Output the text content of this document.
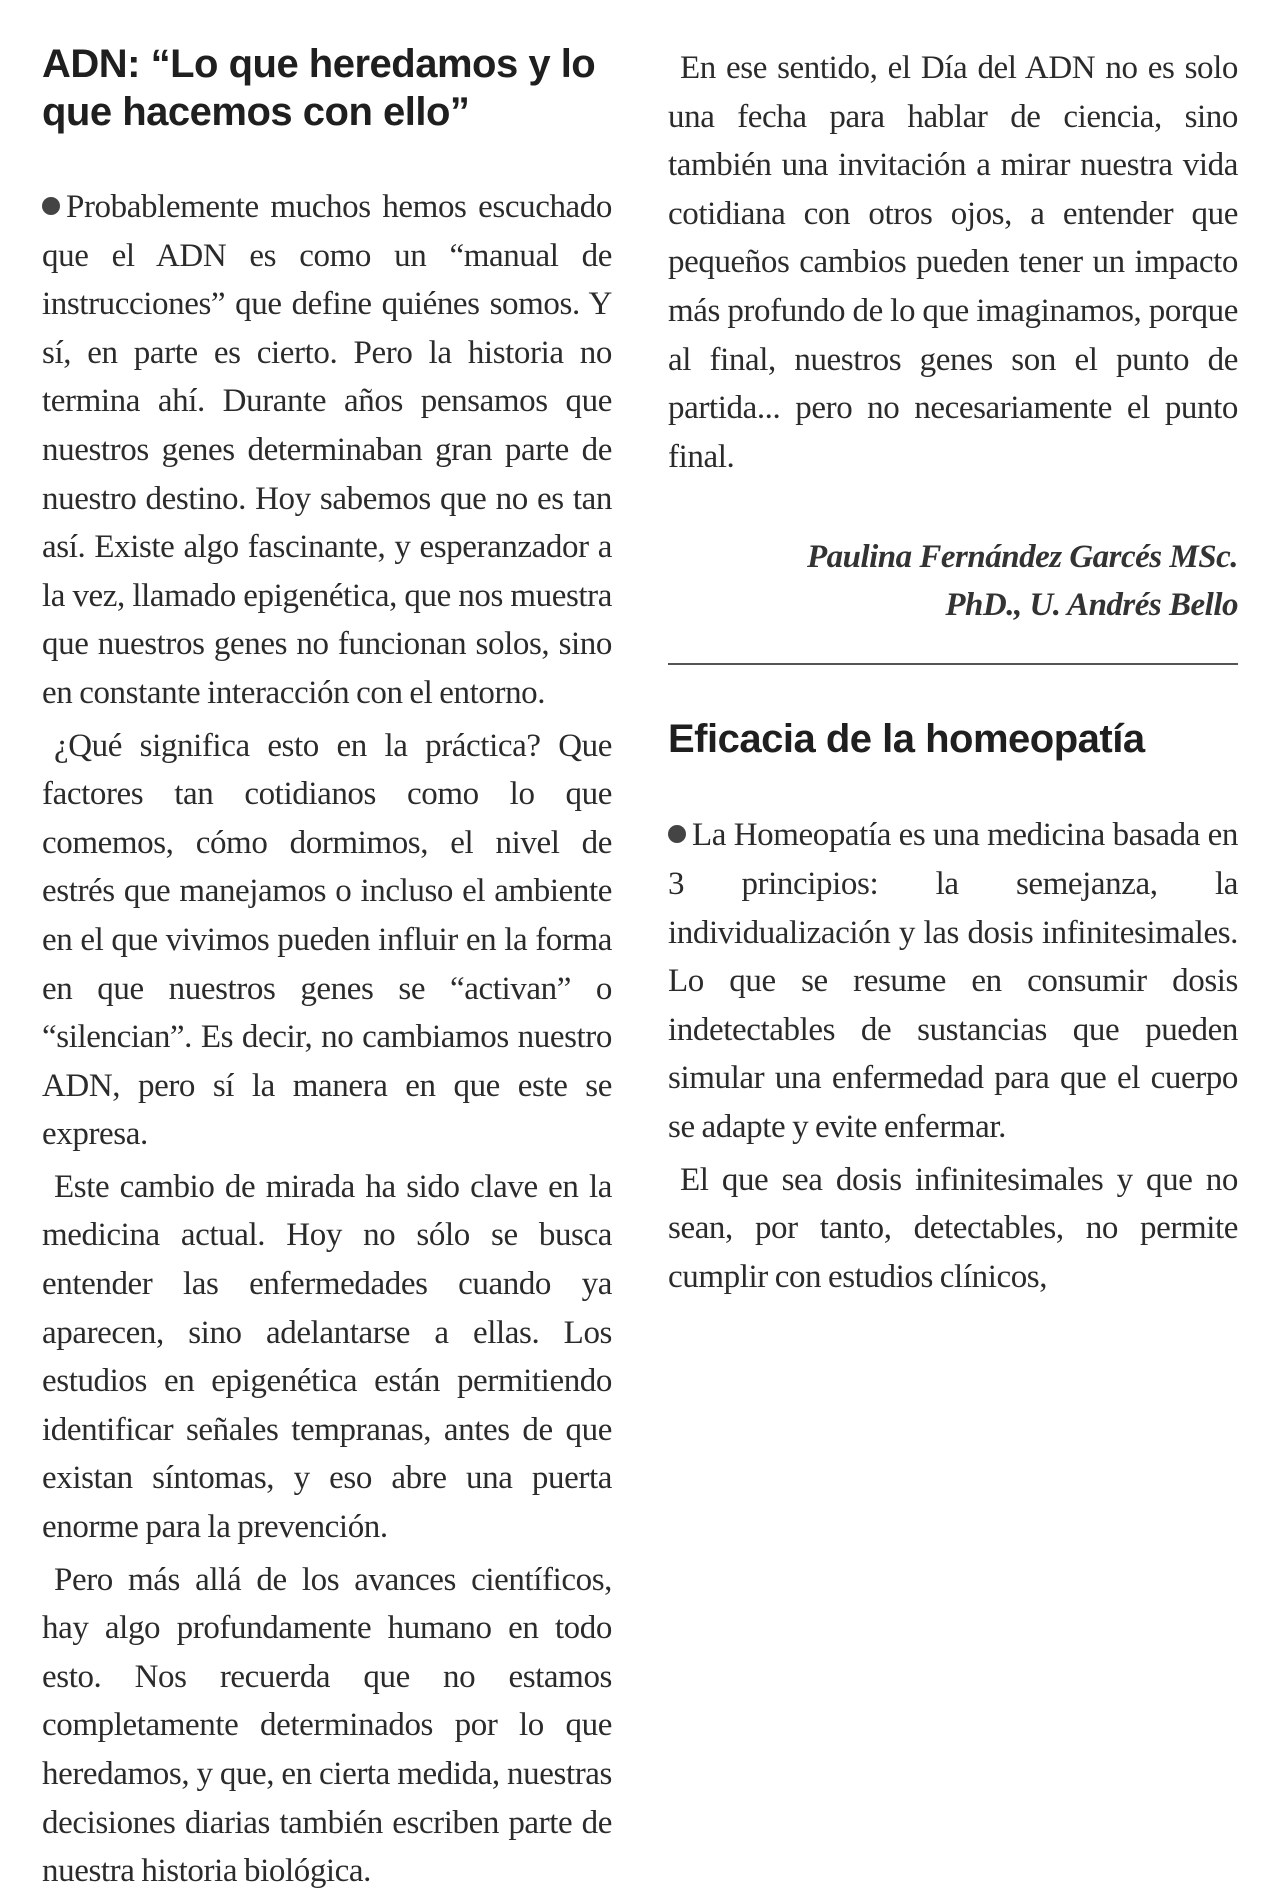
ADN: “Lo que heredamos y lo que hacemos con ello”

Probablemente muchos hemos escuchado que el ADN es como un “manual de instrucciones” que define quiénes somos. Y sí, en parte es cierto. Pero la historia no termina ahí. Durante años pensamos que nuestros genes determinaban gran parte de nuestro destino. Hoy sabemos que no es tan así. Existe algo fascinante, y esperanzador a la vez, llamado epigenética, que nos muestra que nuestros genes no funcionan solos, sino en constante interacción con el entorno.

¿Qué significa esto en la práctica? Que factores tan cotidianos como lo que comemos, cómo dormimos, el nivel de estrés que manejamos o incluso el ambiente en el que vivimos pueden influir en la forma en que nuestros genes se “activan” o “silencian”. Es decir, no cambiamos nuestro ADN, pero sí la manera en que este se expresa.

Este cambio de mirada ha sido clave en la medicina actual. Hoy no sólo se busca entender las enfermedades cuando ya aparecen, sino adelantarse a ellas. Los estudios en epigenética están permitiendo identificar señales tempranas, antes de que existan síntomas, y eso abre una puerta enorme para la prevención.

Pero más allá de los avances científicos, hay algo profundamente humano en todo esto. Nos recuerda que no estamos completamente determinados por lo que heredamos, y que, en cierta medida, nuestras decisiones diarias también escriben parte de nuestra historia biológica.

En ese sentido, el Día del ADN no es solo una fecha para hablar de ciencia, sino también una invitación a mirar nuestra vida cotidiana con otros ojos, a entender que pequeños cambios pueden tener un impacto más profundo de lo que imaginamos, porque al final, nuestros genes son el punto de partida... pero no necesariamente el punto final.

Paulina Fernández Garcés MSc.
PhD., U. Andrés Bello
Eficacia de la homeopatía

La Homeopatía es una medicina basada en 3 principios: la semejanza, la individualización y las dosis infinitesimales. Lo que se resume en consumir dosis indetectables de sustancias que pueden simular una enfermedad para que el cuerpo se adapte y evite enfermar.

El que sea dosis infinitesimales y que no sean, por tanto, detectables, no permite cumplir con estudios clínicos,
